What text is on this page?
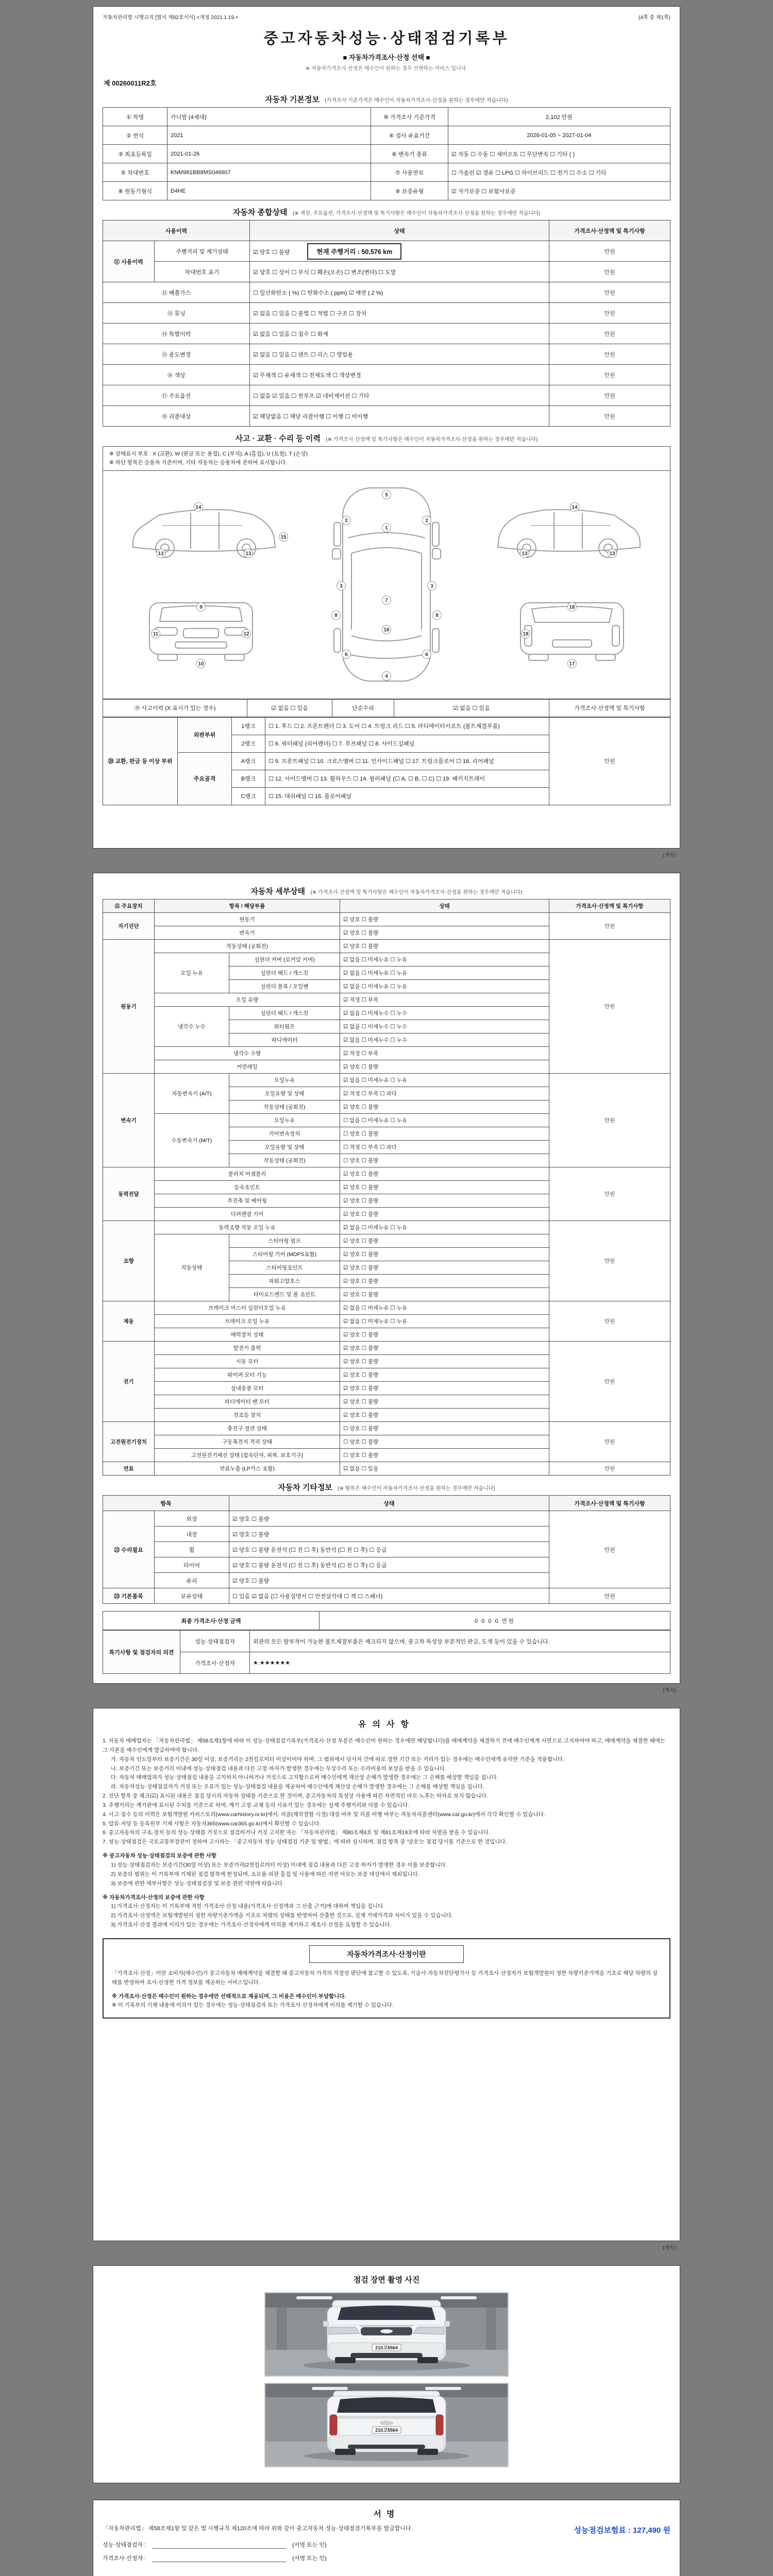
자동차관리법 시행규칙 [별지 제82호서식] <개정 2021.1.19.>	(4쪽 중 제1쪽)
중고자동차성능·상태점검기록부
■ 자동차가격조사·산정 선택 ■
※ 자동차가격조사·산정은 매수인이 원하는 경우 선택하는 서비스 입니다.
제 00260011R2호
자동차 기본정보 (가격조사 기준가격은 매수인이 자동차가격조사·산정을 원하는 경우에만 적습니다)
① 차명	카니발 (4세대)	⑩ 가격조사 기준가격	2,102 만원
② 연식	2021	④ 검사 유효기간	2026-01-05 ~ 2027-01-04
③ 최초등록일	2021-01-26	⑥ 변속기 종류	☑ 자동 ☐ 수동 ☐ 세미오토 ☐ 무단변속 ☐ 기타 ( )
⑤ 차대번호	KNM981BB8MS046607	⑦ 사용연료	☐ 가솔린 ☑ 경유 ☐ LPG ☐ 하이브리드 ☐ 전기 ☐ 수소 ☐ 기타
⑧ 원동기형식	D4HE	⑨ 보증유형	☑ 자가보증 ☐ 보험사보증
자동차 종합상태 (※ 색상, 주요옵션, 가격조사·산정액 및 특기사항은 매수인이 자동차가격조사·산정을 원하는 경우에만 적습니다)
사용이력		상태	가격조사·산정액 및 특기사항
⑪ 사용이력	주행거리 및 계기상태	☑ 양호 ☐ 불량 현재 주행거리 : 50,576 km	만원
	차대번호 표기	☑ 양호 ☐ 상이 ☐ 부식 ☐ 훼손(오손) ☐ 변조(변타) ☐ 도말	만원
⑫ 배출가스		☐ 일산화탄소 ( %) ☐ 탄화수소 ( ppm) ☑ 매연 ( 2 %)	만원
⑬ 튜닝		☑ 없음 ☐ 있음 ☐ 불법 ☐ 적법 ☐ 구조 ☐ 장치	만원
⑭ 특별이력		☑ 없음 ☐ 있음 ☐ 침수 ☐ 화재	만원
⑮ 용도변경		☑ 없음 ☐ 있음 ☐ 렌트 ☐ 리스 ☐ 영업용	만원
⑯ 색상		☑ 무채색 ☐ 유채색 ☐ 전체도색 ☐ 색상변경	만원
⑰ 주요옵션		☐ 없음 ☑ 있음 ☐ 썬루프 ☑ 네비게이션 ☐ 기타	만원
⑱ 리콜대상		☑ 해당없음 ☐ 해당 리콜이행 ☐ 이행 ☐ 미이행	만원
사고 · 교환 · 수리 등 이력 (※ 가격조사·산정액 및 특기사항은 매수인이 자동차가격조사·산정을 원하는 경우에만 적습니다)
※ 상태표시 부호 : X (교환), W (판금 또는 용접), C (부식), A (흠집), U (요철), T (손상)
※ 하단 항목은 승용차 기준이며, 기타 자동차는 승용차에 준하여 표시합니다.
5
1
2	2
3	3
7
6	6
4
8	8
14	14
13	13	13	13
9
10
11	12
15
16
17
18
19
⑲ 사고이력 (X 표시가 있는 경우)	☑ 없음 ☐ 있음	단순수리	☑ 없음 ☐ 있음	가격조사·산정액 및 특기사항
⑳ 교환, 판금 등 이상 부위	외판부위	1랭크	☐ 1. 후드 ☐ 2. 프론트펜더 ☐ 3. 도어 ☐ 4. 트렁크 리드 ☐ 5. 라디에이터서포트 (볼트체결부품)	만원
		2랭크	☐ 6. 쿼터패널 (리어펜더) ☐ 7. 루프패널 ☐ 8. 사이드실패널	
	주요골격	A랭크	☐ 9. 프론트패널 ☐ 10. 크로스멤버 ☐ 11. 인사이드패널 ☐ 17. 트렁크플로어 ☐ 18. 리어패널	
		B랭크	☐ 12. 사이드멤버 ☐ 13. 휠하우스 ☐ 14. 필러패널 (☐ A, ☐ B, ☐ C) ☐ 19. 패키지트레이	
		C랭크	☐ 15. 대쉬패널 ☐ 16. 플로어패널	
(계속)
자동차 세부상태 (※ 가격조사·산정액 및 특기사항은 매수인이 자동차가격조사·산정을 원하는 경우에만 적습니다)
㉑ 주요장치	항목 / 해당부품		상태	가격조사·산정액 및 특기사항
자기진단	원동기		☑ 양호 ☐ 불량	만원
	변속기		☑ 양호 ☐ 불량	
원동기	작동상태 (공회전)		☑ 양호 ☐ 불량	만원
	오일 누유	실린더 커버 (로커암 커버)	☑ 없음 ☐ 미세누유 ☐ 누유	
		실린더 헤드 / 개스킷	☑ 없음 ☐ 미세누유 ☐ 누유	
		실린더 블록 / 오일팬	☑ 없음 ☐ 미세누유 ☐ 누유	
	오일 유량		☑ 적정 ☐ 부족	
	냉각수 누수	실린더 헤드 / 개스킷	☑ 없음 ☐ 미세누수 ☐ 누수	
		워터펌프	☑ 없음 ☐ 미세누수 ☐ 누수	
		라디에이터	☑ 없음 ☐ 미세누수 ☐ 누수	
	냉각수 수량		☑ 적정 ☐ 부족	
	커먼레일		☑ 양호 ☐ 불량	
변속기	자동변속기 (A/T)	오일누유	☑ 없음 ☐ 미세누유 ☐ 누유	만원
		오일유량 및 상태	☑ 적정 ☐ 부족 ☐ 과다	
		작동상태 (공회전)	☑ 양호 ☐ 불량	
	수동변속기 (M/T)	오일누유	☐ 없음 ☐ 미세누유 ☐ 누유	
		기어변속장치	☐ 양호 ☐ 불량	
		오일유량 및 상태	☐ 적정 ☐ 부족 ☐ 과다	
		작동상태 (공회전)	☐ 양호 ☐ 불량	
동력전달	클러치 어셈블리		☑ 양호 ☐ 불량	만원
	등속조인트		☑ 양호 ☐ 불량	
	추진축 및 베어링		☑ 양호 ☐ 불량	
	디퍼렌셜 기어		☑ 양호 ☐ 불량	
조향	동력조향 작동 오일 누유		☑ 없음 ☐ 미세누유 ☐ 누유	만원
	작동상태	스티어링 펌프	☑ 양호 ☐ 불량	
		스티어링 기어 (MDPS포함)	☑ 양호 ☐ 불량	
		스티어링조인트	☑ 양호 ☐ 불량	
		파워고압호스	☑ 양호 ☐ 불량	
		타이로드엔드 및 볼 조인트	☑ 양호 ☐ 불량	
제동	브레이크 마스터 실린더오일 누유		☑ 없음 ☐ 미세누유 ☐ 누유	만원
	브레이크 오일 누유		☑ 없음 ☐ 미세누유 ☐ 누유	
	배력장치 상태		☑ 양호 ☐ 불량	
전기	발전기 출력		☑ 양호 ☐ 불량	만원
	시동 모터		☑ 양호 ☐ 불량	
	와이퍼 모터 기능		☑ 양호 ☐ 불량	
	실내송풍 모터		☑ 양호 ☐ 불량	
	라디에이터 팬 모터		☑ 양호 ☐ 불량	
	전조등 장치		☑ 양호 ☐ 불량	
고전원전기장치	충전구 절연 상태		☐ 양호 ☐ 불량	만원
	구동축전지 격리 상태		☐ 양호 ☐ 불량	
	고전원전기배선 상태 (접속단자, 피복, 보호기구)		☐ 양호 ☐ 불량	
연료	연료누출 (LP가스 포함)		☑ 없음 ☐ 있음	만원
자동차 기타정보 (※ 항목은 매수인이 자동차가격조사·산정을 원하는 경우에만 적습니다)
항목		상태	가격조사·산정액 및 특기사항
㉒ 수리필요	외장	☑ 양호 ☐ 불량	만원
	내장	☑ 양호 ☐ 불량	
	휠	☑ 양호 ☐ 불량 운전석 (☐ 전 ☐ 후) 동반석 (☐ 전 ☐ 후) ☐ 응급	
	타이어	☑ 양호 ☐ 불량 운전석 (☐ 전 ☐ 후) 동반석 (☐ 전 ☐ 후) ☐ 응급	
	유리	☑ 양호 ☐ 불량	
㉓ 기본품목	보유상태	☐ 있음 ☑ 없음 (☐ 사용설명서 ☐ 안전삼각대 ☐ 잭 ☐ 스패너)	만원
최종 가격조사·산정 금액	0 0 0 0 만원
특기사항 및 점검자의 의견	성능·상태점검자	외관의 모든 탈부착이 가능한 볼트체결부품은 체크되지 않으며, 중고차 특성상 부분적인 판금, 도색 등이 있을 수 있습니다.
	가격조사·산정자	★.★★★★★★
(계속)
유의사항
1. 자동차 매매업자는 「자동차관리법」 제58조제1항에 따라 이 성능·상태점검기록부(가격조사·산정 부분은 매수인이 원하는 경우에만 해당합니다)를 매매계약을 체결하기 전에 매수인에게 서면으로 고지하여야 하고, 매매계약을 체결한 때에는 그 사본을 매수인에게 발급하여야 합니다.
가. 자동차 인도일부터 보증기간은 30일 이상, 보증거리는 2천킬로미터 이상이어야 하며, 그 범위에서 당사자 간에 따로 정한 기간 또는 거리가 있는 경우에는 매수인에게 유리한 기준을 적용합니다.
나. 보증기간 또는 보증거리 이내에 성능·상태점검 내용과 다른 고장·하자가 발생한 경우에는 무상수리 또는 수리비용의 보상을 받을 수 있습니다.
다. 자동차 매매업자가 성능·상태점검 내용을 고지하지 아니하거나 거짓으로 고지함으로써 매수인에게 재산상 손해가 발생한 경우에는 그 손해를 배상할 책임을 집니다.
라. 자동차성능·상태점검자가 거짓 또는 오류가 있는 성능·상태점검 내용을 제공하여 매수인에게 재산상 손해가 발생한 경우에는 그 손해를 배상할 책임을 집니다.
2. 진단 항목 중 체크(☑) 표시된 내용은 점검 당시의 자동차 상태를 기준으로 한 것이며, 중고자동차의 특성상 사용에 따른 자연적인 마모·노후는 하자로 보지 않습니다.
3. 주행거리는 계기판에 표시된 수치를 기준으로 하며, 계기 고장·교체 등의 사유가 있는 경우에는 실제 주행거리와 다를 수 있습니다.
4. 사고·침수 등의 이력은 보험개발원 카히스토리(www.carhistory.or.kr)에서, 리콜(제작결함 시정) 대상 여부 및 리콜 이행 여부는 자동차리콜센터(www.car.go.kr)에서 각각 확인할 수 있습니다.
5. 압류·저당 등 등록원부 기재 사항은 자동차365(www.car365.go.kr)에서 확인할 수 있습니다.
6. 중고자동차의 구조·장치 등의 성능·상태를 거짓으로 점검하거나 거짓 고지한 자는 「자동차관리법」 제80조제6호 및 제81조제19호에 따라 처벌을 받을 수 있습니다.
7. 성능·상태점검은 국토교통부장관이 정하여 고시하는 「중고자동차 성능·상태점검 기준 및 방법」에 따라 실시하며, 점검 항목 중 '양호'는 점검 당시를 기준으로 한 것입니다.
※ 중고자동차 성능·상태점검의 보증에 관한 사항
1) 성능·상태점검자는 보증기간(30일 이상) 또는 보증거리(2천킬로미터 이상) 이내에 점검 내용과 다른 고장·하자가 발생한 경우 이를 보증합니다.
2) 보증의 범위는 이 기록부에 기재된 점검 항목에 한정되며, 소모품·외관 흠집 및 사용에 따른 자연 마모는 보증 대상에서 제외됩니다.
3) 보증에 관한 세부사항은 성능·상태점검장 및 보증 관련 약관에 따릅니다.
※ 자동차가격조사·산정의 보증에 관한 사항
1) 가격조사·산정자는 이 기록부에 적힌 가격조사·산정 내용(가격조사·산정액과 그 산출 근거)에 대하여 책임을 집니다.
2) 가격조사·산정액은 보험개발원이 정한 차량기준가액을 기초로 차량의 상태를 반영하여 산출한 것으로, 실제 거래가격과 차이가 있을 수 있습니다.
3) 가격조사·산정 결과에 이의가 있는 경우에는 가격조사·산정자에게 이의를 제기하고 재조사·산정을 요청할 수 있습니다.
자동차가격조사·산정이란
「가격조사·산정」이란 소비자(매수인)가 중고자동차 매매계약을 체결할 때 중고자동차 가격의 적절성 판단에 참고할 수 있도록, 기술사·자동차진단평가사 등 가격조사·산정자가 보험개발원이 정한 차량기준가액을 기초로 해당 차량의 상태를 반영하여 조사·산정한 가격 정보를 제공하는 서비스입니다.
※ 가격조사·산정은 매수인이 원하는 경우에만 선택적으로 제공되며, 그 비용은 매수인이 부담합니다.
※ 이 기록부의 기재 내용에 이의가 있는 경우에는 성능·상태점검자 또는 가격조사·산정자에게 이의를 제기할 수 있습니다.
(계속)
점검 장면 촬영 사진
210고5564
210고5564
서명
「자동차관리법」 제58조제1항 및 같은 법 시행규칙 제120조에 따라 위와 같이 중고자동차 성능·상태점검기록부를 발급합니다.	성능점검보험료 : 127,490 원
성능·상태점검자 :	(서명 또는 인)
가격조사·산정자 :	(서명 또는 인)
